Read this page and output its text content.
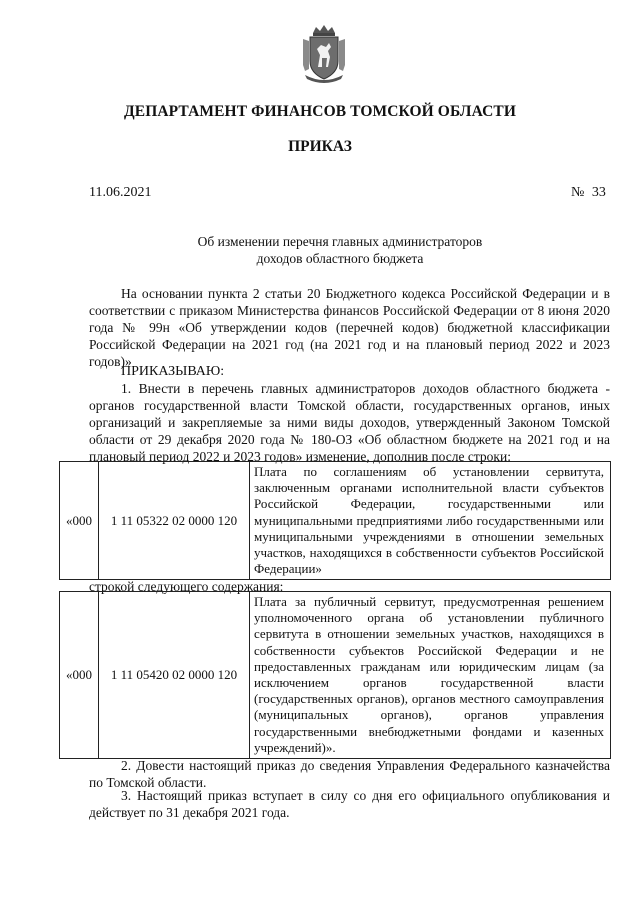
ДЕПАРТАМЕНТ ФИНАНСОВ ТОМСКОЙ ОБЛАСТИ
ПРИКАЗ
11.06.2021	№ 33
Об изменении перечня главных администраторов
доходов областного бюджета

На основании пункта 2 статьи 20 Бюджетного кодекса Российской Федерации и в соответствии с приказом Министерства финансов Российской Федерации от 8 июня 2020 года № 99н «Об утверждении кодов (перечней кодов) бюджетной классификации Российской Федерации на 2021 год (на 2021 год и на плановый период 2022 и 2023 годов)»

ПРИКАЗЫВАЮ:

1. Внести в перечень главных администраторов доходов областного бюджета - органов государственной власти Томской области, государственных органов, иных организаций и закрепляемые за ними виды доходов, утвержденный Законом Томской области от 29 декабря 2020 года № 180-ОЗ «Об областном бюджете на 2021 год и на плановый период 2022 и 2023 годов» изменение, дополнив после строки:

«000	1 11 05322 02 0000 120	Плата по соглашениям об установлении сервитута, заключенным органами исполнительной власти субъектов Российской Федерации, государственными или муниципальными предприятиями либо государственными или муниципальными учреждениями в отношении земельных участков, находящихся в собственности субъектов Российской Федерации»

строкой следующего содержания:

«000	1 11 05420 02 0000 120	Плата за публичный сервитут, предусмотренная решением уполномоченного органа об установлении публичного сервитута в отношении земельных участков, находящихся в собственности субъектов Российской Федерации и не предоставленных гражданам или юридическим лицам (за исключением органов государственной власти (государственных органов), органов местного самоуправления (муниципальных органов), органов управления государственными внебюджетными фондами и казенных учреждений)».

2. Довести настоящий приказ до сведения Управления Федерального казначейства по Томской области.

3. Настоящий приказ вступает в силу со дня его официального опубликования и действует по 31 декабря 2021 года.
